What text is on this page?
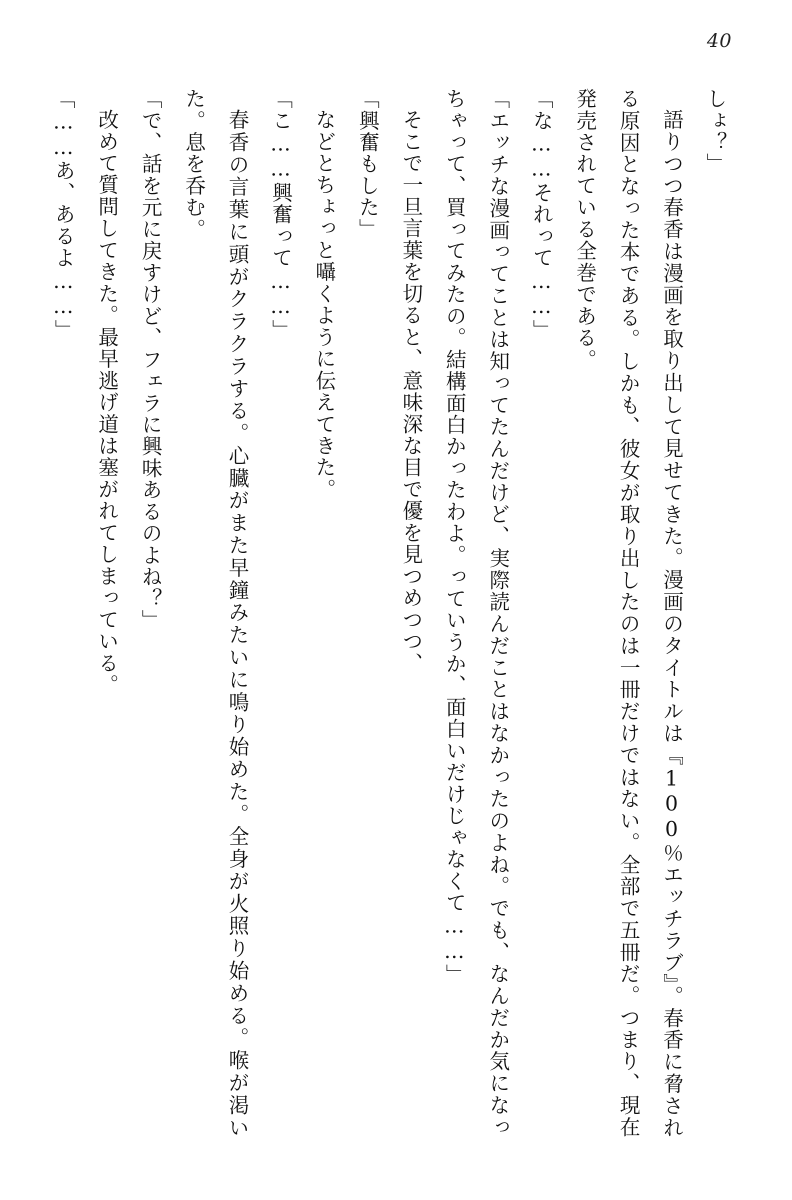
40

しょ？」

語りつつ春香は漫画を取り出して見せてきた。漫画のタイトルは『100％エッチラブ』。春香に脅される原因となった本である。しかも、彼女が取り出したのは一冊だけではない。全部で五冊だ。つまり、現在発売されている全巻である。

「な……それって……」

「エッチな漫画ってことは知ってたんだけど、実際読んだことはなかったのよね。でも、なんだか気になっちゃって、買ってみたの。結構面白かったわよ。っていうか、面白いだけじゃなくて……」

そこで一旦言葉を切ると、意味深な目で優を見つめつつ、

「興奮もした」

などとちょっと囁くように伝えてきた。

「こ……興奮って……」

春香の言葉に頭がクラクラする。心臓がまた早鐘みたいに鳴り始めた。全身が火照り始める。喉が渇いた。息を呑む。

「で、話を元に戻すけど、フェラに興味あるのよね？」

改めて質問してきた。最早逃げ道は塞がれてしまっている。

「……あ、あるよ……」
